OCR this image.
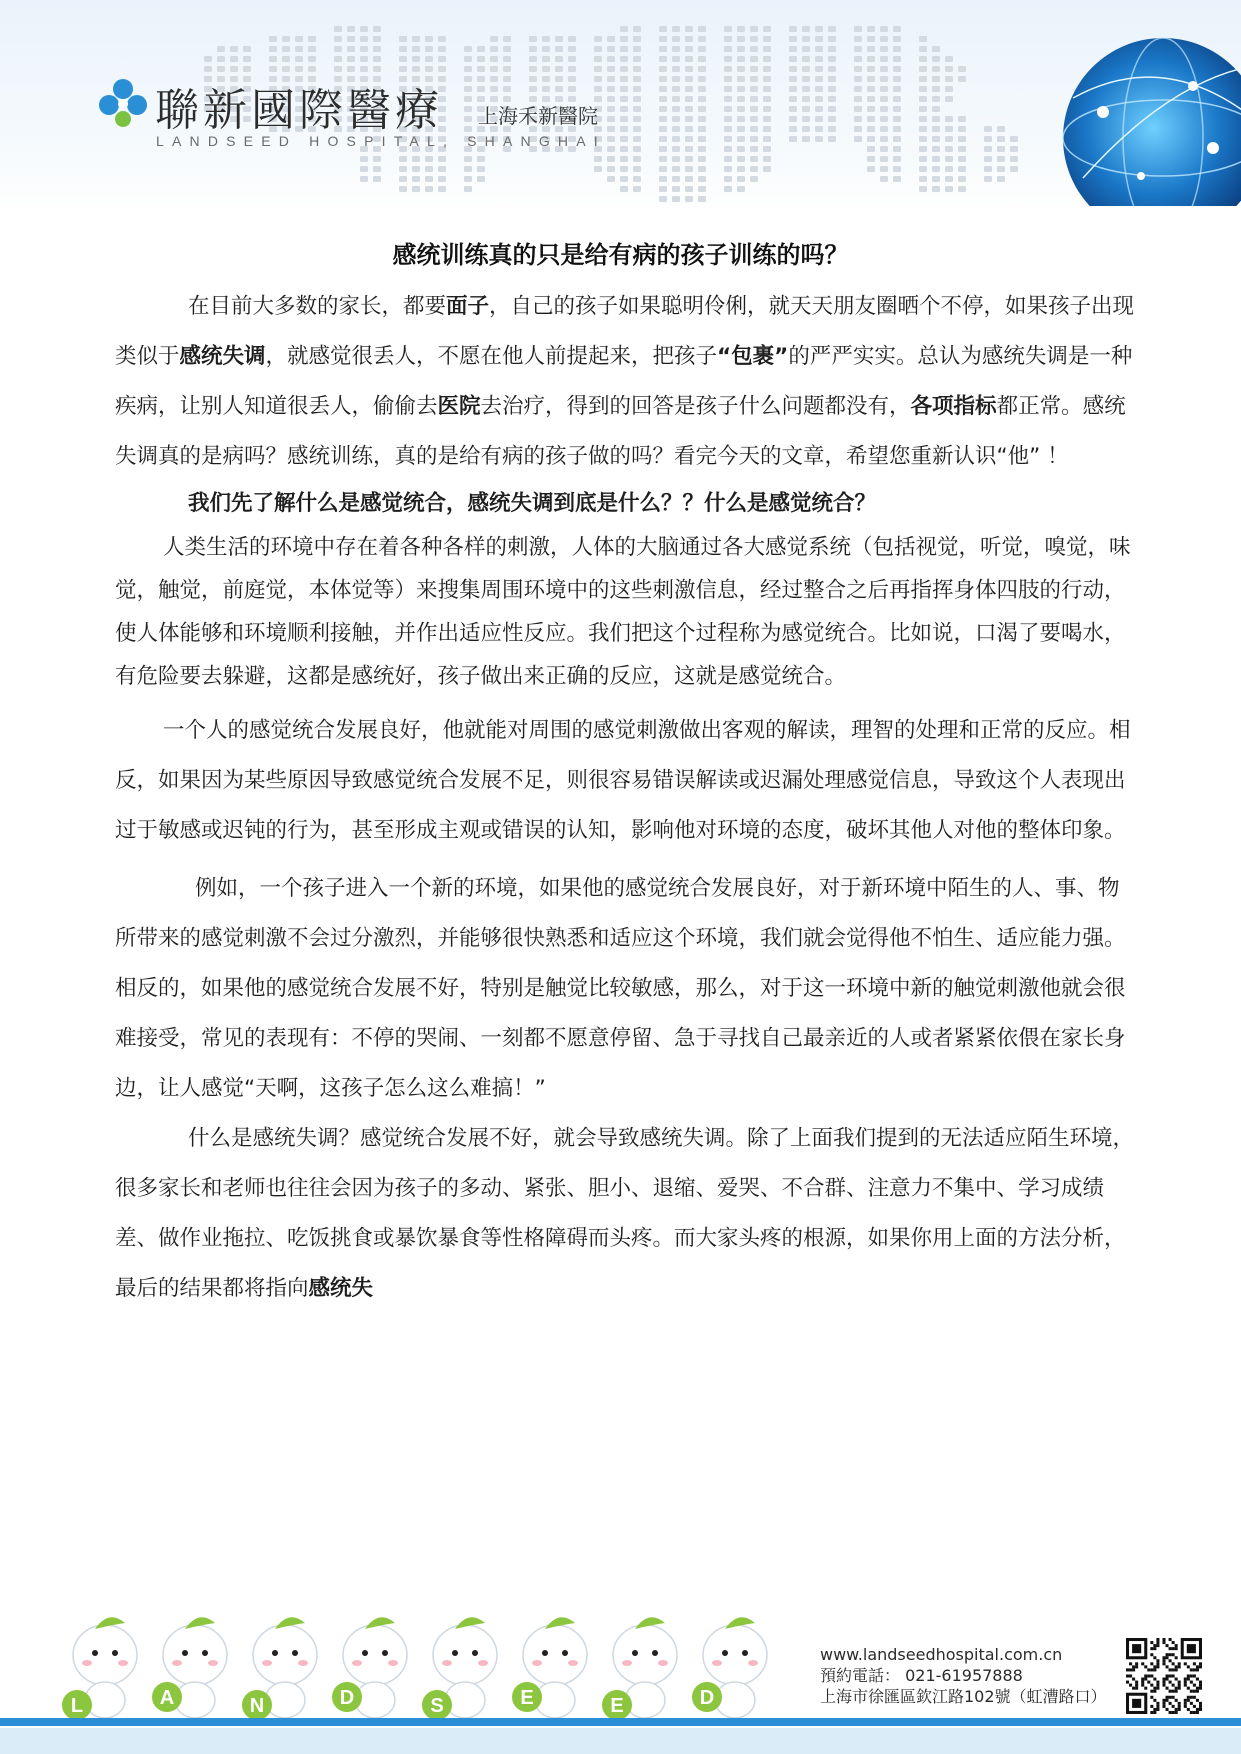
聯新國際醫療 上海禾新醫院
LANDSEED HOSPITAL, SHANGHAI
感统训练真的只是给有病的孩子训练的吗？

在目前大多数的家长，都要面子，自己的孩子如果聪明伶俐，就天天朋友圈晒个不停，如果孩子出现类似于感统失调，就感觉很丢人，不愿在他人前提起来，把孩子“包裹”的严严实实。总认为感统失调是一种疾病，让别人知道很丢人，偷偷去医院去治疗，得到的回答是孩子什么问题都没有，各项指标都正常。感统失调真的是病吗？感统训练，真的是给有病的孩子做的吗？看完今天的文章，希望您重新认识“他” ！

我们先了解什么是感觉统合，感统失调到底是什么？？什么是感觉统合？

人类生活的环境中存在着各种各样的刺激，人体的大脑通过各大感觉系统（包括视觉，听觉，嗅觉，味觉，触觉，前庭觉，本体觉等）来搜集周围环境中的这些刺激信息，经过整合之后再指挥身体四肢的行动，使人体能够和环境顺利接触，并作出适应性反应。我们把这个过程称为感觉统合。比如说，口渴了要喝水，有危险要去躲避，这都是感统好，孩子做出来正确的反应，这就是感觉统合。

一个人的感觉统合发展良好，他就能对周围的感觉刺激做出客观的解读，理智的处理和正常的反应。相反，如果因为某些原因导致感觉统合发展不足，则很容易错误解读或迟漏处理感觉信息，导致这个人表现出过于敏感或迟钝的行为，甚至形成主观或错误的认知，影响他对环境的态度，破坏其他人对他的整体印象。

例如，一个孩子进入一个新的环境，如果他的感觉统合发展良好，对于新环境中陌生的人、事、物所带来的感觉刺激不会过分激烈，并能够很快熟悉和适应这个环境，我们就会觉得他不怕生、适应能力强。相反的，如果他的感觉统合发展不好，特别是触觉比较敏感，那么，对于这一环境中新的触觉刺激他就会很难接受，常见的表现有：不停的哭闹、一刻都不愿意停留、急于寻找自己最亲近的人或者紧紧依偎在家长身边，让人感觉“天啊，这孩子怎么这么难搞！”

什么是感统失调？感觉统合发展不好，就会导致感统失调。除了上面我们提到的无法适应陌生环境，很多家长和老师也往往会因为孩子的多动、紧张、胆小、退缩、爱哭、不合群、注意力不集中、学习成绩差、做作业拖拉、吃饭挑食或暴饮暴食等性格障碍而头疼。而大家头疼的根源，如果你用上面的方法分析，最后的结果都将指向感统失

L	A	N	D	S	E	E	D
www.landseedhospital.com.cn
預約電話： 021-61957888
上海市徐匯區欽江路102號（虹漕路口）
